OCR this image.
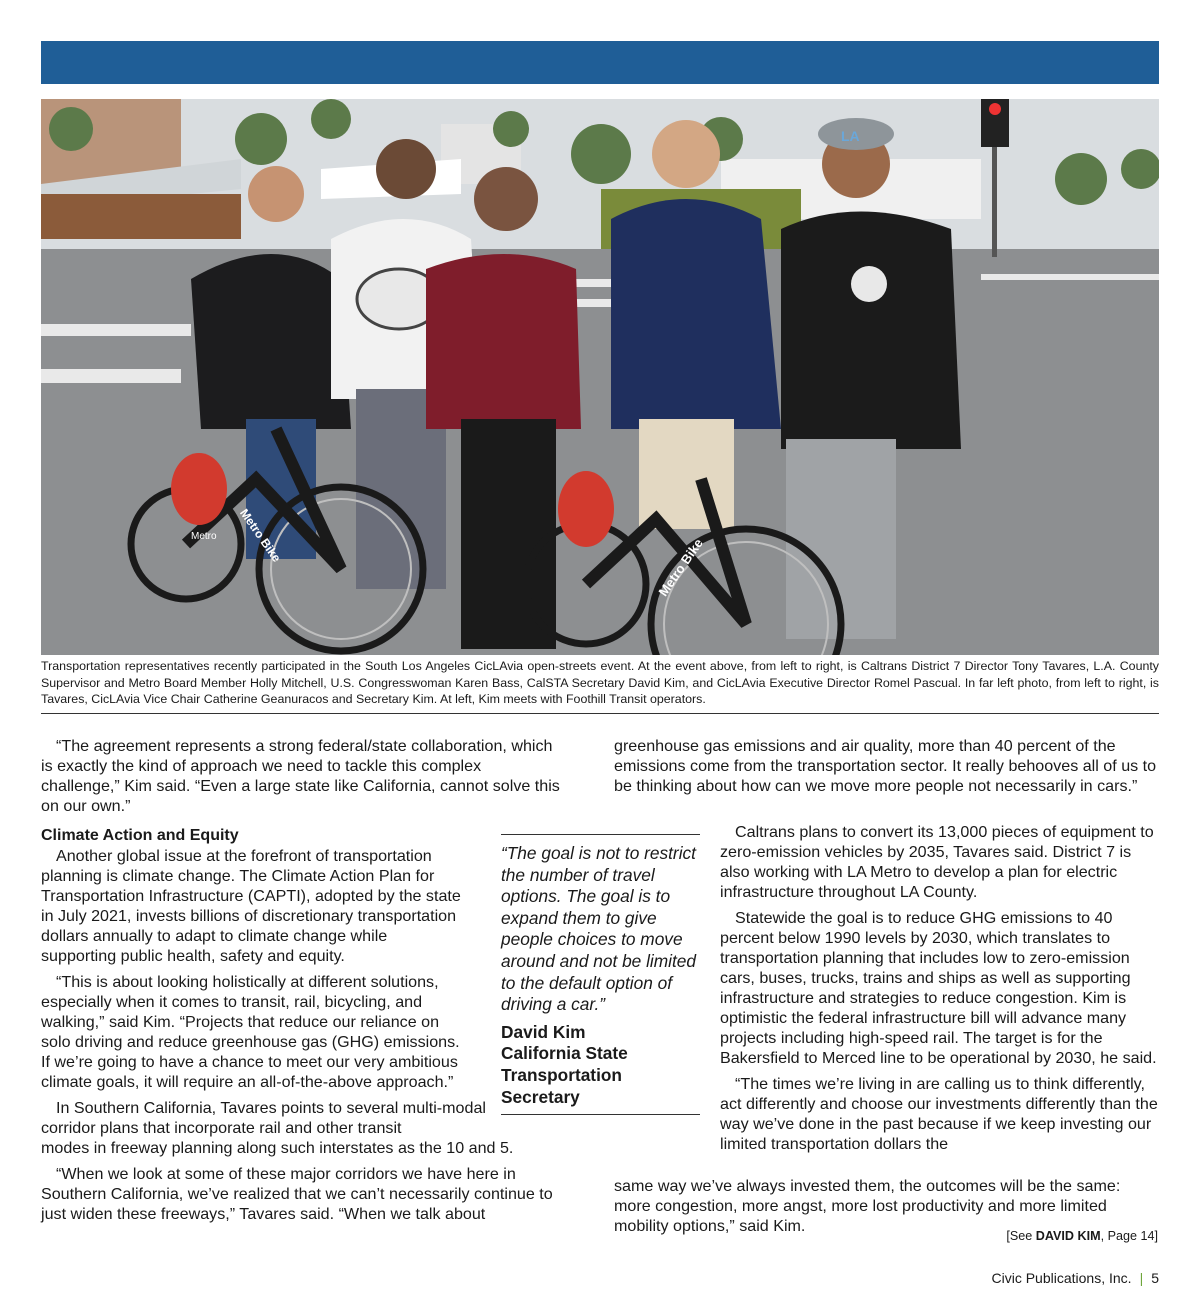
LA
Metro Bike
Metro Bike
Metro
Transportation representatives recently participated in the South Los Angeles CicLAvia open-streets event. At the event above, from left to right, is Caltrans District 7 Director Tony Tavares, L.A. County Supervisor and Metro Board Member Holly Mitchell, U.S. Congresswoman Karen Bass, CalSTA Secretary David Kim, and CicLAvia Executive Director Romel Pascual. In far left photo, from left to right, is Tavares, CicLAvia Vice Chair Catherine Geanuracos and Secretary Kim. At left, Kim meets with Foothill Transit operators.

“The agreement represents a strong federal/state collaboration, which is exactly the kind of approach we need to tackle this complex challenge,” Kim said. “Even a large state like California, cannot solve this on our own.”

Climate Action and Equity

Another global issue at the forefront of transportation planning is climate change. The Climate Action Plan for Transportation Infrastructure (CAPTI), adopted by the state in July 2021, invests billions of discretionary transportation dollars annually to adapt to climate change while supporting public health, safety and equity.

“This is about looking holistically at different solutions, especially when it comes to transit, rail, bicycling, and walking,” said Kim. “Projects that reduce our reliance on solo driving and reduce greenhouse gas (GHG) emissions. If we’re going to have a chance to meet our very ambitious climate goals, it will require an all-of-the-above approach.”

In Southern California, Tavares points to several multi-modal corridor plans that incorporate rail and other transit

modes in freeway planning along such interstates as the 10 and 5.

“When we look at some of these major corridors we have here in Southern California, we’ve realized that we can’t necessarily continue to just widen these freeways,” Tavares said. “When we talk about

greenhouse gas emissions and air quality, more than 40 percent of the emissions come from the transportation sector. It really behooves all of us to be thinking about how can we move more people not necessarily in cars.”

“The goal is not to restrict the number of travel options. The goal is to expand them to give people choices to move around and not be limited to the default option of driving a car.”
David Kim
California State
Transportation
Secretary

Caltrans plans to convert its 13,000 pieces of equipment to zero-emission vehicles by 2035, Tavares said. District 7 is also working with LA Metro to develop a plan for electric infrastructure throughout LA County.

Statewide the goal is to reduce GHG emissions to 40 percent below 1990 levels by 2030, which translates to transportation planning that includes low to zero-emission cars, buses, trucks, trains and ships as well as supporting infrastructure and strategies to reduce congestion. Kim is optimistic the federal infrastructure bill will advance many projects including high-speed rail. The target is for the Bakersfield to Merced line to be operational by 2030, he said.

“The times we’re living in are calling us to think differently, act differently and choose our investments differently than the way we’ve done in the past because if we keep investing our limited transportation dollars the

same way we’ve always invested them, the outcomes will be the same: more congestion, more angst, more lost productivity and more limited mobility options,” said Kim.

[See DAVID KIM, Page 14]
Civic Publications, Inc. | 5
